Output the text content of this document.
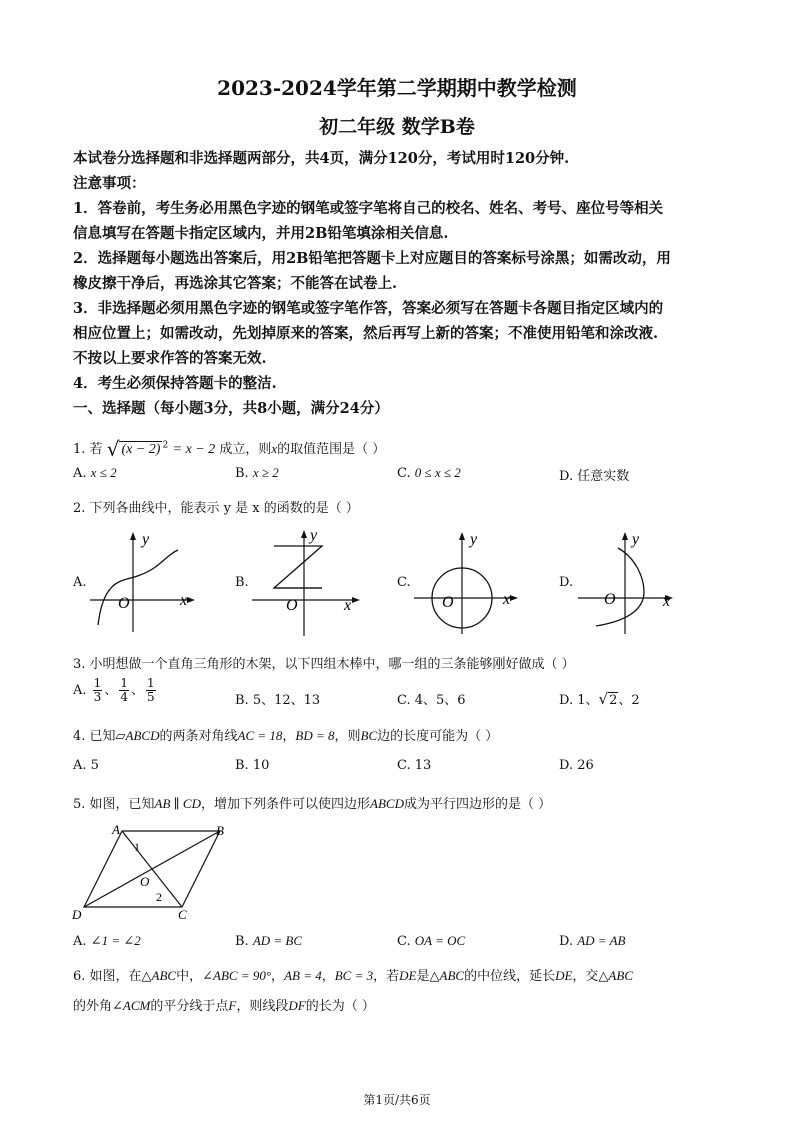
2023-2024学年第二学期期中教学检测
初二年级 数学B卷
本试卷分选择题和非选择题两部分，共4页，满分120分，考试用时120分钟.
注意事项：
1．答卷前，考生务必用黑色字迹的钢笔或签字笔将自己的校名、姓名、考号、座位号等相关
信息填写在答题卡指定区域内，并用2B铅笔填涂相关信息.
2．选择题每小题选出答案后，用2B铅笔把答题卡上对应题目的答案标号涂黑；如需改动，用
橡皮擦干净后，再选涂其它答案；不能答在试卷上.
3．非选择题必须用黑色字迹的钢笔或签字笔作答，答案必须写在答题卡各题目指定区域内的
相应位置上；如需改动，先划掉原来的答案，然后再写上新的答案；不准使用铅笔和涂改液.
不按以上要求作答的答案无效.
4．考生必须保持答题卡的整洁.
一、选择题（每小题3分，共8小题，满分24分）
1. 若 √ (x − 2) $^2$ = x − 2 成立，则x的取值范围是（ ）
A. x ≤ 2	B. x ≥ 2	C. 0 ≤ x ≤ 2	D. 任意实数
2. 下列各曲线中，能表示 y 是 x 的函数的是（ ）
A.
y
x
O
B.
y
x
O
C.
y
x
O
D.
y
x
O
3. 小明想做一个直角三角形的木架，以下四组木棒中，哪一组的三条能够刚好做成（ ）
A. $\frac{1}{3}$ 、 $\frac{1}{4}$ 、 $\frac{1}{5}$	B. 5、12、13	C. 4、5、6	D. 1、√2、2
4. 已知▱ABCD的两条对角线AC = 18，BD = 8，则BC边的长度可能为（ ）
A. 5	B. 10	C. 13	D. 26
5. 如图，已知AB ∥ CD，增加下列条件可以使四边形ABCD成为平行四边形的是（ ）
A	B
C
D
O
1
2
A. ∠1 = ∠2	B. AD = BC	C. OA = OC	D. AD = AB
6. 如图，在△ABC中，∠ABC = 90°，AB = 4，BC = 3，若DE是△ABC的中位线，延长DE，交△ABC
的外角∠ACM的平分线于点F，则线段DF的长为（ ）
第1页/共6页
